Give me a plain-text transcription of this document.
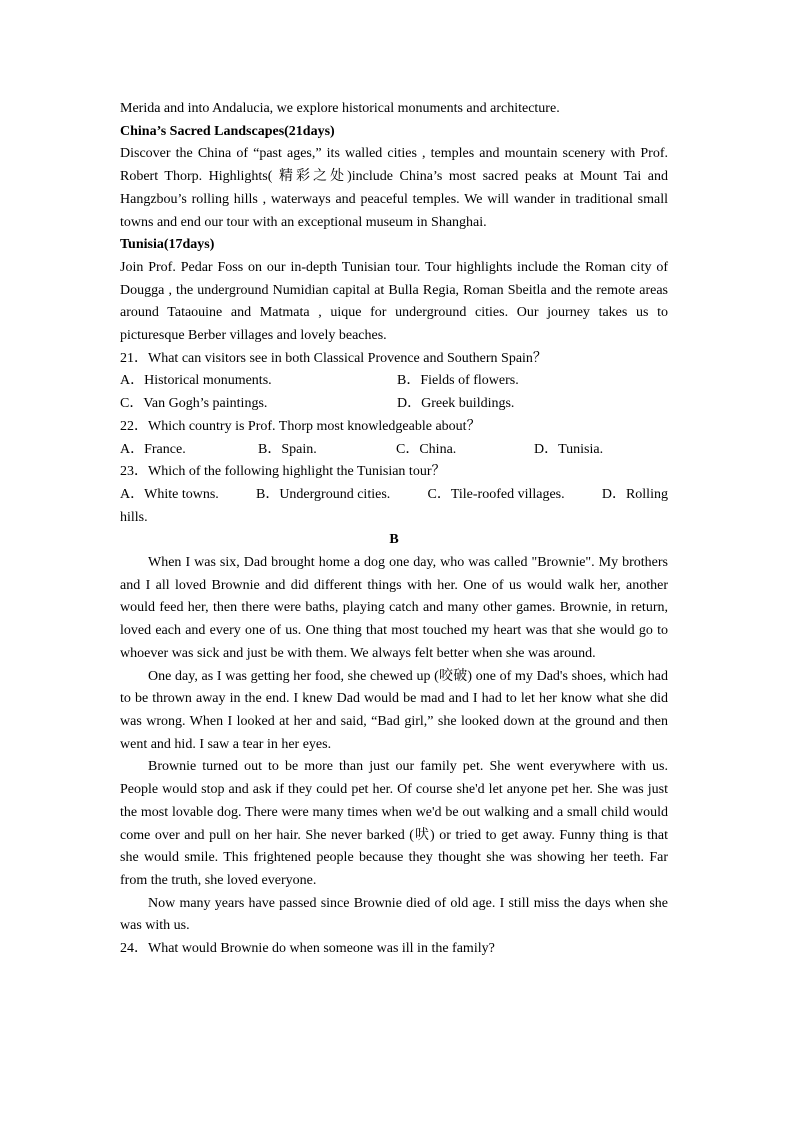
Merida and into Andalucia, we explore historical monuments and architecture.
China’s Sacred Landscapes(21days)

Discover the China of “past ages,” its walled cities , temples and mountain scenery with Prof. Robert Thorp. Highlights( 精彩之处)include China’s most sacred peaks at Mount Tai and Hangzbou’s rolling hills , waterways and peaceful temples. We will wander in traditional small towns and end our tour with an exceptional museum in Shanghai.

Tunisia(17days)

Join Prof. Pedar Foss on our in-depth Tunisian tour. Tour highlights include the Roman city of Dougga , the underground Numidian capital at Bulla Regia, Roman Sbeitla and the remote areas around Tataouine and Matmata , uique for underground cities. Our journey takes us to picturesque Berber villages and lovely beaches.

21．What can visitors see in both Classical Provence and Southern Spain？
A．Historical monuments.	B．Fields of flowers.
C．Van Gogh’s paintings.	D．Greek buildings.
22．Which country is Prof. Thorp most knowledgeable about？
A．France.	B．Spain.	C．China.	D．Tunisia.
23．Which of the following highlight the Tunisian tour？
A．White towns.	B．Underground cities.	C．Tile-roofed villages.	D．Rolling
hills.
B

When I was six, Dad brought home a dog one day, who was called "Brownie". My brothers and I all loved Brownie and did different things with her. One of us would walk her, another would feed her, then there were baths, playing catch and many other games. Brownie, in return, loved each and every one of us. One thing that most touched my heart was that she would go to whoever was sick and just be with them. We always felt better when she was around.

One day, as I was getting her food, she chewed up (咬破) one of my Dad's shoes, which had to be thrown away in the end. I knew Dad would be mad and I had to let her know what she did was wrong. When I looked at her and said, “Bad girl,” she looked down at the ground and then went and hid. I saw a tear in her eyes.

Brownie turned out to be more than just our family pet. She went everywhere with us. People would stop and ask if they could pet her. Of course she'd let anyone pet her. She was just the most lovable dog. There were many times when we'd be out walking and a small child would come over and pull on her hair. She never barked (吠) or tried to get away. Funny thing is that she would smile. This frightened people because they thought she was showing her teeth. Far from the truth, she loved everyone.

Now many years have passed since Brownie died of old age. I still miss the days when she was with us.

24．What would Brownie do when someone was ill in the family?
